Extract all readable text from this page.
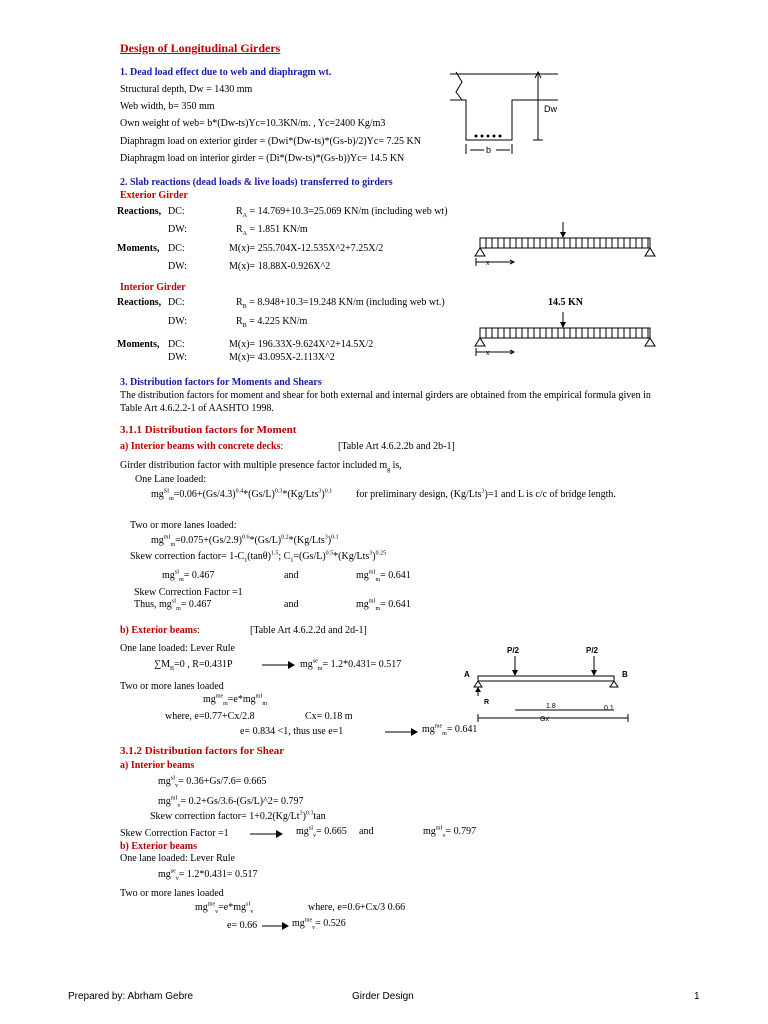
Design of Longitudinal Girders
1. Dead load effect due to web and diaphragm wt.
Structural depth, Dw = 1430 mm
Web width, b= 350 mm
Own weight of web= b*(Dw-ts)Yc=10.3KN/m. , Yc=2400 Kg/m3
Diaphragm load on exterior girder = (Dwi*(Dw-ts)*(Gs-b)/2)Yc= 7.25 KN
Diaphragm load on interior girder = (Di*(Dw-ts)*(Gs-b))Yc= 14.5 KN
Dw
b
2. Slab reactions (dead loads & live loads) transferred to girders
Exterior Girder
Reactions, DC:	$R_A = 14.769+10.3=25.069$ KN/m (including web wt)
DW:	$R_A = 1.851$ KN/m
Moments, DC:	M(x)= 255.704X-12.535X^2+7.25X/2
DW:	M(x)= 18.88X-0.926X^2	x
Interior Girder
Reactions, DC:	$R_B = 8.948+10.3=19.248$ KN/m (including web wt.)
DW:	$R_B = 4.225$ KN/m
Moments, DC:	M(x)= 196.33X-9.624X^2+14.5X/2
DW:	M(x)= 43.095X-2.113X^2
14.5 KN
x
3. Distribution factors for Moments and Shears
The distribution factors for moment and shear for both external and internal girders are obtained from the empirical formula given in
Table Art 4.6.2.2-1 of AASHTO 1998.
3.1.1 Distribution factors for Moment
a) Interior beams with concrete decks:	[Table Art 4.6.2.2b and 2b-1]
Girder distribution factor with multiple presence factor included $m_g$ is,
One Lane loaded:
$mg^{SI}_m=0.06+(Gs/4.3)^{0.4}*(Gs/L)^{0.3}*(Kg/Lts^3)^{0.1}$ for preliminary design, (Kg/Lts$^3$)=1 and L is c/c of bridge length.
Two or more lanes loaded:
$mg^{mI}_m=0.075+(Gs/2.9)^{0.6}*(Gs/L)^{0.2}*(Kg/Lts^3)^{0.1}$
Skew correction factor= $1-C_1(\tan\theta)^{1.5}$; $C_1=(Gs/L)^{0.5}*(Kg/Lts^3)^{0.25}$
$mg^{sI}_m= 0.467$	and	$mg^{mI}_m= 0.641$
Skew Correction Factor =1
Thus, $mg^{sI}_m= 0.467$	and	$mg^{mI}_m= 0.641$
b) Exterior beams:	[Table Art 4.6.2.2d and 2d-1]
One lane loaded: Lever Rule
$\sum M_B=0$ , R=0.431P	$mg^{se}_m= 1.2*0.431= 0.517$
Two or more lanes loaded
$mg^{me}_m=e*mg^{mI}_m$
where, e=0.77+Cx/2.8	Cx= 0.18 m
e= 0.834 <1, thus use e=1	$mg^{me}_m= 0.641$
P/2	P/2
A	B
R
1.8	0.1
Gx
3.1.2 Distribution factors for Shear
a) Interior beams
$mg^{sI}_v= 0.36+Gs/7.6= 0.665$
$mg^{mI}_v=$ 0.2+Gs/3.6-(Gs/L)^2= 0.797
Skew correction factor= $1+0.2(Kg/Lt^3)^{0.3}\tan$
Skew Correction Factor =1	$mg^{sI}_v= 0.665$ and	$mg^{mI}_v= 0.797$
b) Exterior beams
One lane loaded: Lever Rule
$mg^{se}_v= 1.2*0.431= 0.517$
Two or more lanes loaded
$mg^{me}_v=e*mg^{sI}_v$	where, e=0.6+Cx/3 0.66
e= 0.66	$mg^{me}_v= 0.526$
Prepared by: Abrham Gebre	Girder Design	1
